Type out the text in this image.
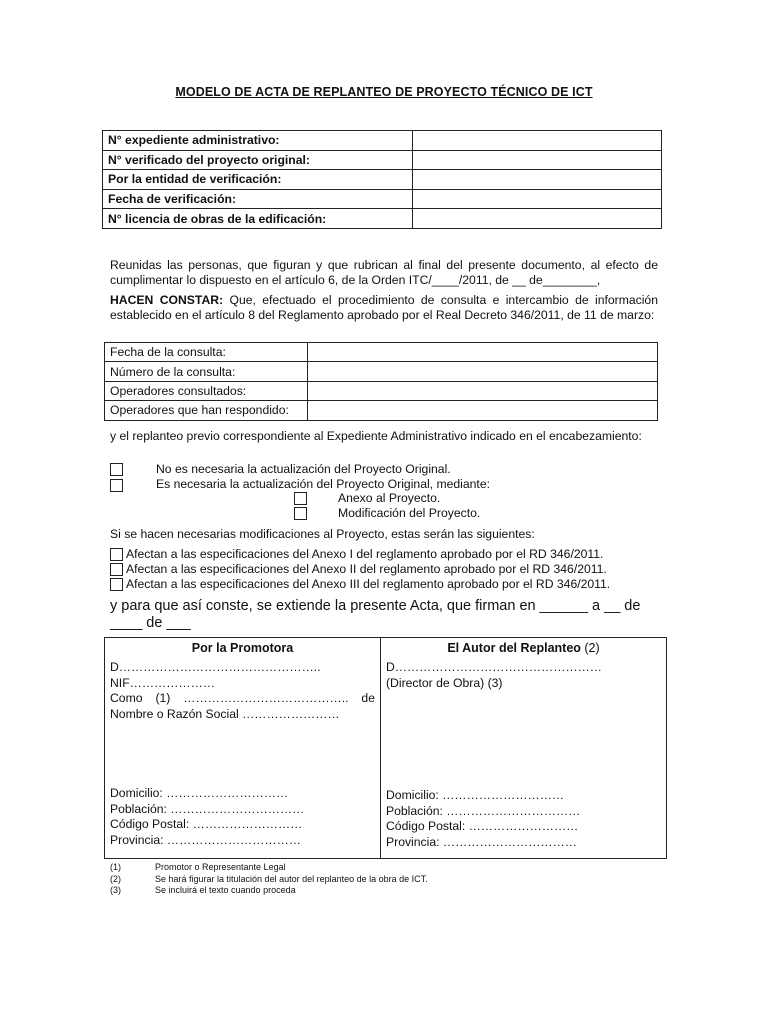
MODELO DE ACTA DE REPLANTEO DE PROYECTO TÉCNICO DE ICT
N° expediente administrativo:	
N° verificado del proyecto original:	
Por la entidad de verificación:	
Fecha de verificación:	
N° licencia de obras de la edificación:	
Reunidas las personas, que figuran y que rubrican al final del presente documento, al efecto de cumplimentar lo dispuesto en el artículo 6, de la Orden ITC/____/2011, de __ de________,
HACEN CONSTAR: Que, efectuado el procedimiento de consulta e intercambio de información establecido en el artículo 8 del Reglamento aprobado por el Real Decreto 346/2011, de 11 de marzo:
Fecha de la consulta:	
Número de la consulta:	
Operadores consultados:	
Operadores que han respondido:	
y el replanteo previo correspondiente al Expediente Administrativo indicado en el encabezamiento:
No es necesaria la actualización del Proyecto Original.
Es necesaria la actualización del Proyecto Original, mediante:
Anexo al Proyecto.
Modificación del Proyecto.
Si se hacen necesarias modificaciones al Proyecto, estas serán las siguientes:
Afectan a las especificaciones del Anexo I del reglamento aprobado por el RD 346/2011.
Afectan a las especificaciones del Anexo II del reglamento aprobado por el RD 346/2011.
Afectan a las especificaciones del Anexo III del reglamento aprobado por el RD 346/2011.
y para que así conste, se extiende la presente Acta, que firman en ______ a __ de ____ de ___
Por la Promotora
D…………………………………………..
NIF…………………
Como (1) ………………………………….. de Nombre o Razón Social ……………………
Domicilio: …………………………
Población: ……………………………
Código Postal: ………………………
Provincia: ……………………………
El Autor del Replanteo (2)
D……………………………………………
(Director de Obra) (3)
Domicilio: …………………………
Población: ……………………………
Código Postal: ………………………
Provincia: ……………………………
(1)	Promotor o Representante Legal
(2)	Se hará figurar la titulación del autor del replanteo de la obra de ICT.
(3)	Se incluirá el texto cuando proceda
